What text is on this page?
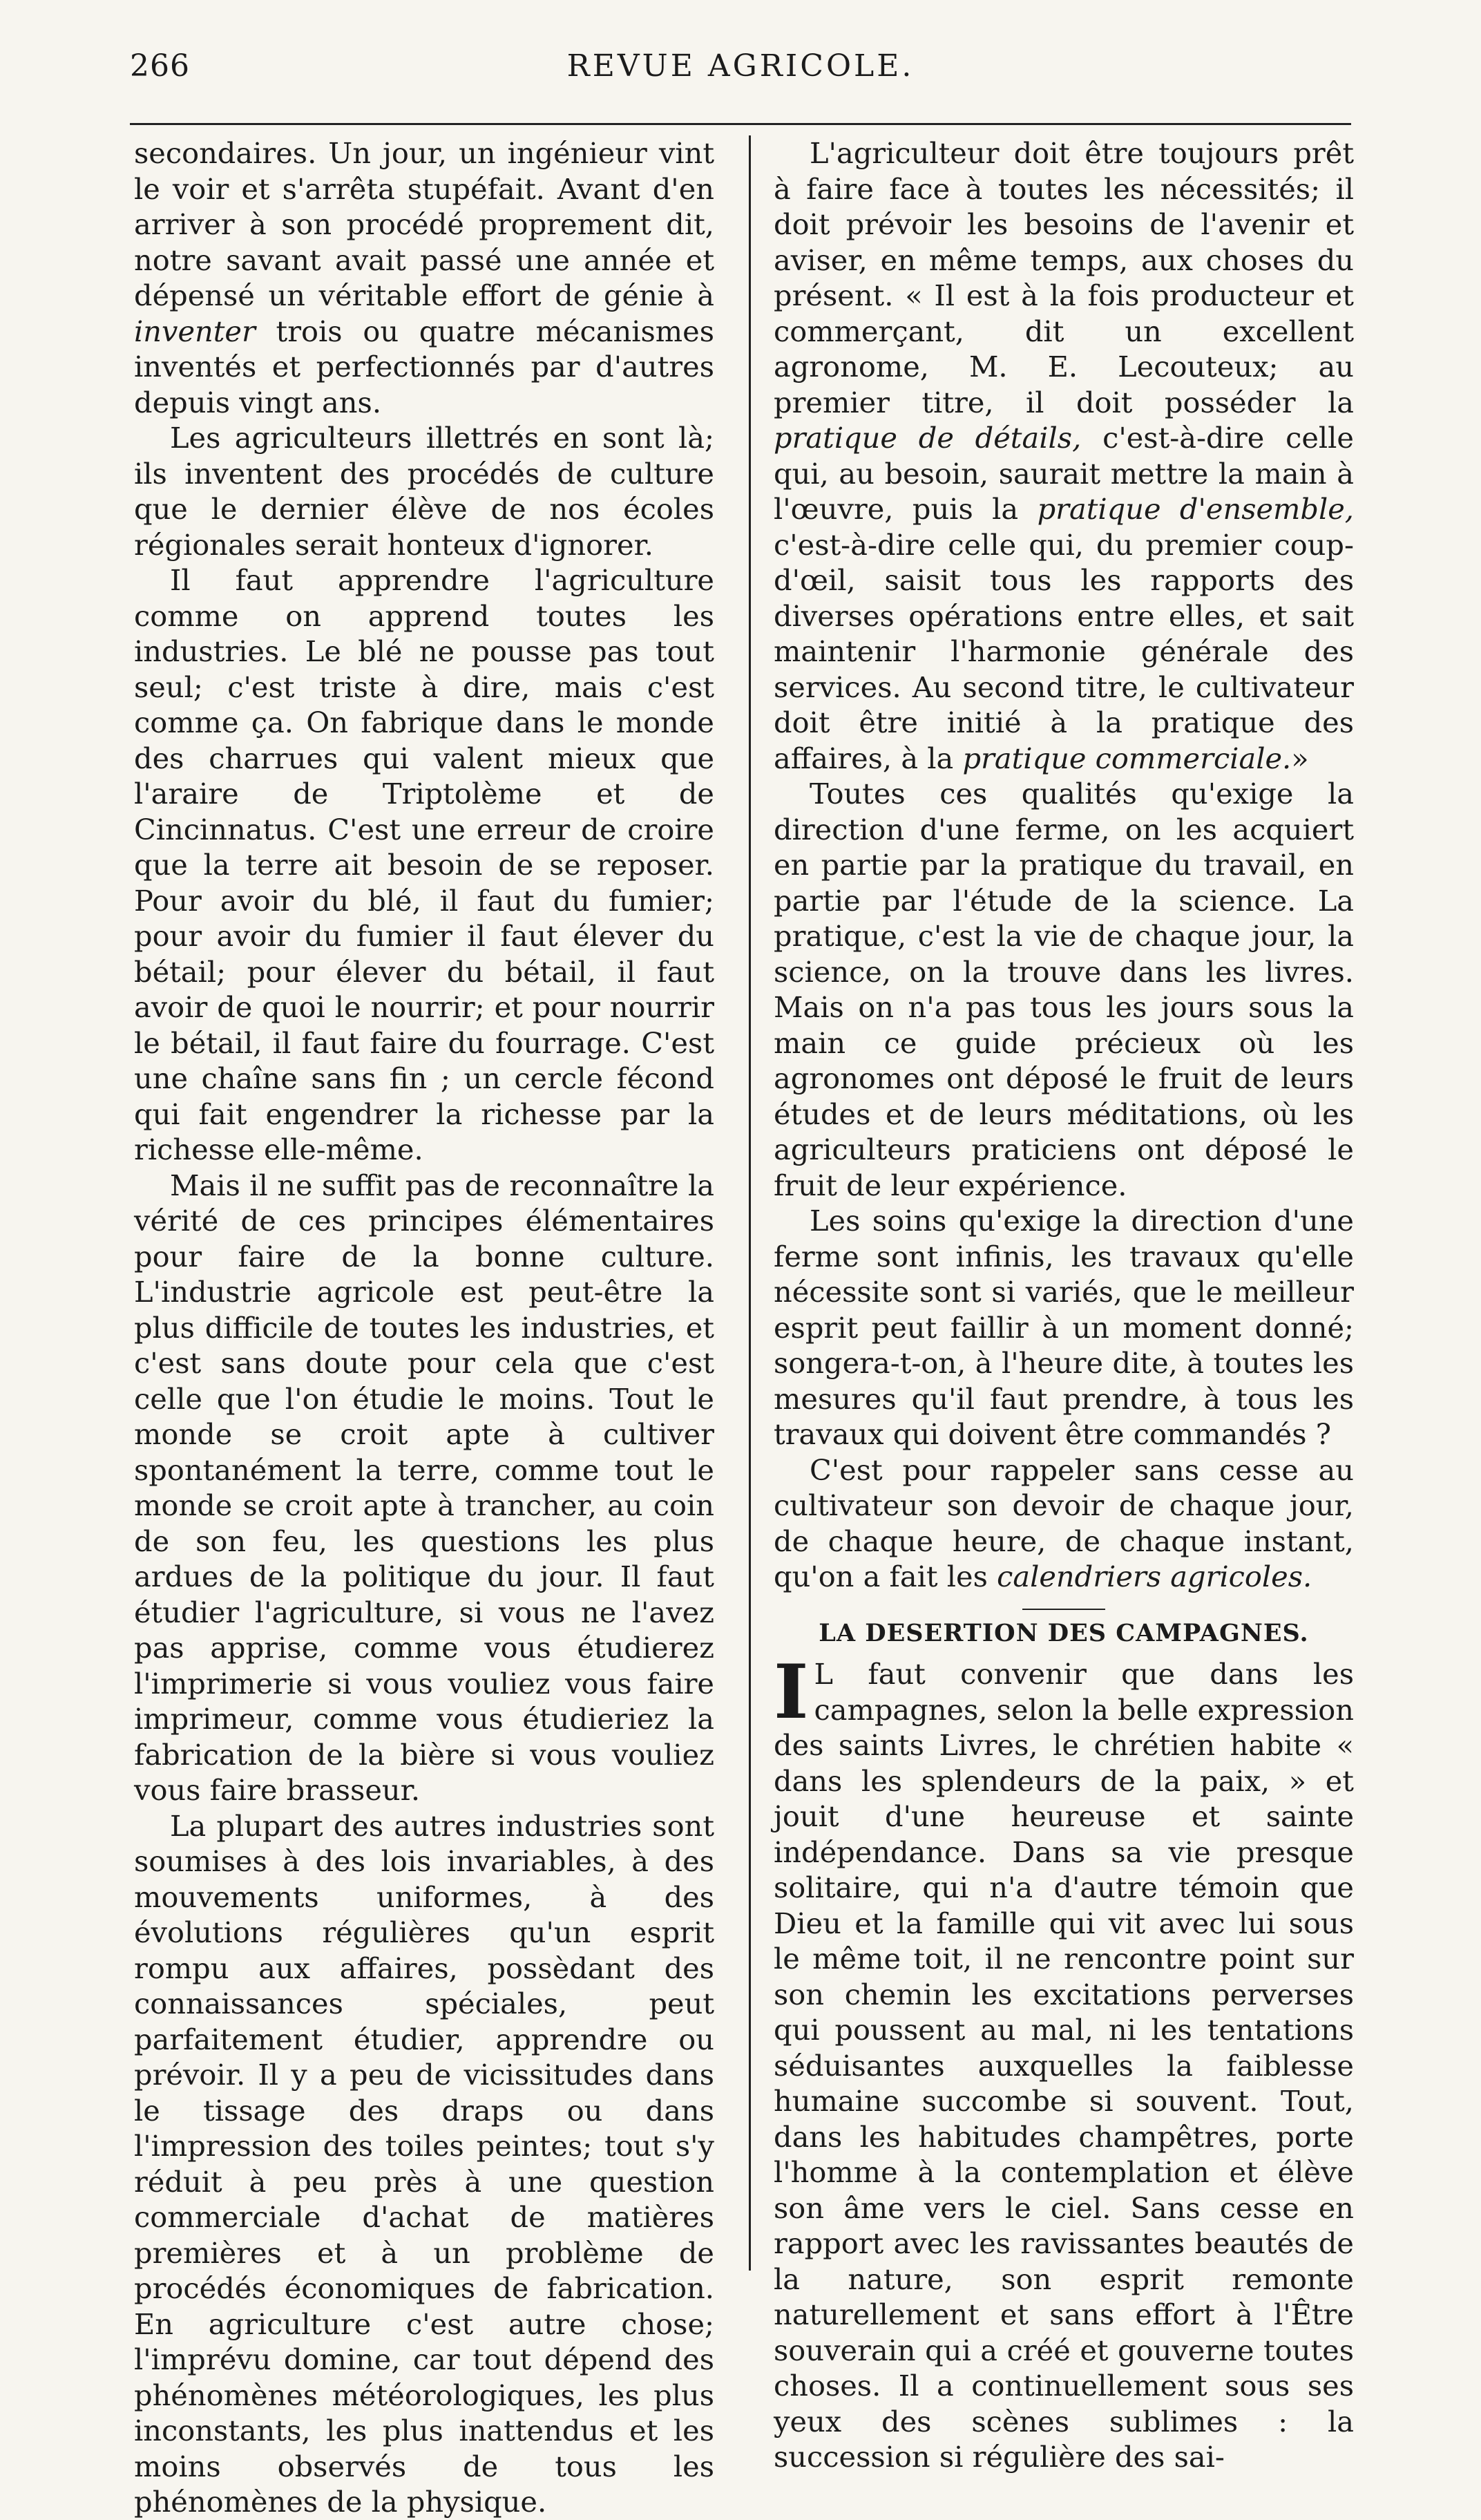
266	REVUE AGRICOLE.

secondaires. Un jour, un ingénieur vint le voir et s'arrêta stupéfait. Avant d'en arriver à son procédé proprement dit, notre savant avait passé une année et dépensé un véritable effort de génie à inventer trois ou quatre mécanismes inventés et perfectionnés par d'autres depuis vingt ans.

Les agriculteurs illettrés en sont là; ils inventent des procédés de culture que le dernier élève de nos écoles régionales serait honteux d'ignorer.

Il faut apprendre l'agriculture comme on apprend toutes les industries. Le blé ne pousse pas tout seul; c'est triste à dire, mais c'est comme ça. On fabrique dans le monde des charrues qui valent mieux que l'araire de Triptolème et de Cincinnatus. C'est une erreur de croire que la terre ait besoin de se reposer. Pour avoir du blé, il faut du fumier; pour avoir du fumier il faut élever du bétail; pour élever du bétail, il faut avoir de quoi le nourrir; et pour nourrir le bétail, il faut faire du fourrage. C'est une chaîne sans fin ; un cercle fécond qui fait engendrer la richesse par la richesse elle-même.

Mais il ne suffit pas de reconnaître la vérité de ces principes élémentaires pour faire de la bonne culture. L'industrie agricole est peut-être la plus difficile de toutes les industries, et c'est sans doute pour cela que c'est celle que l'on étudie le moins. Tout le monde se croit apte à cultiver spontanément la terre, comme tout le monde se croit apte à trancher, au coin de son feu, les questions les plus ardues de la politique du jour. Il faut étudier l'agriculture, si vous ne l'avez pas apprise, comme vous étudierez l'imprimerie si vous vouliez vous faire imprimeur, comme vous étudieriez la fabrication de la bière si vous vouliez vous faire brasseur.

La plupart des autres industries sont soumises à des lois invariables, à des mouvements uniformes, à des évolutions régulières qu'un esprit rompu aux affaires, possèdant des connaissances spéciales, peut parfaitement étudier, apprendre ou prévoir. Il y a peu de vicissitudes dans le tissage des draps ou dans l'impression des toiles peintes; tout s'y réduit à peu près à une question commerciale d'achat de matières premières et à un problème de procédés économiques de fabrication. En agriculture c'est autre chose; l'imprévu domine, car tout dépend des phénomènes météorologiques, les plus inconstants, les plus inattendus et les moins observés de tous les phénomènes de la physique.

L'agriculteur doit être toujours prêt à faire face à toutes les nécessités; il doit prévoir les besoins de l'avenir et aviser, en même temps, aux choses du présent. « Il est à la fois producteur et commerçant, dit un excellent agronome, M. E. Lecouteux; au premier titre, il doit posséder la pratique de détails, c'est-à-dire celle qui, au besoin, saurait mettre la main à l'œuvre, puis la pratique d'ensemble, c'est-à-dire celle qui, du premier coup-d'œil, saisit tous les rapports des diverses opérations entre elles, et sait maintenir l'harmonie générale des services. Au second titre, le cultivateur doit être initié à la pratique des affaires, à la pratique commerciale.»

Toutes ces qualités qu'exige la direction d'une ferme, on les acquiert en partie par la pratique du travail, en partie par l'étude de la science. La pratique, c'est la vie de chaque jour, la science, on la trouve dans les livres. Mais on n'a pas tous les jours sous la main ce guide précieux où les agronomes ont déposé le fruit de leurs études et de leurs méditations, où les agriculteurs praticiens ont déposé le fruit de leur expérience.

Les soins qu'exige la direction d'une ferme sont infinis, les travaux qu'elle nécessite sont si variés, que le meilleur esprit peut faillir à un moment donné; songera-t-on, à l'heure dite, à toutes les mesures qu'il faut prendre, à tous les travaux qui doivent être commandés ?

C'est pour rappeler sans cesse au cultivateur son devoir de chaque jour, de chaque heure, de chaque instant, qu'on a fait les calendriers agricoles.

LA DESERTION DES CAMPAGNES.

I L faut convenir que dans les campagnes, selon la belle expression des saints Livres, le chrétien habite « dans les splendeurs de la paix, » et jouit d'une heureuse et sainte indépendance. Dans sa vie presque solitaire, qui n'a d'autre témoin que Dieu et la famille qui vit avec lui sous le même toit, il ne rencontre point sur son chemin les excitations perverses qui poussent au mal, ni les tentations séduisantes auxquelles la faiblesse humaine succombe si souvent. Tout, dans les habitudes champêtres, porte l'homme à la contemplation et élève son âme vers le ciel. Sans cesse en rapport avec les ravissantes beautés de la nature, son esprit remonte naturellement et sans effort à l'Être souverain qui a créé et gouverne toutes choses. Il a continuellement sous ses yeux des scènes sublimes : la succession si régulière des sai-
